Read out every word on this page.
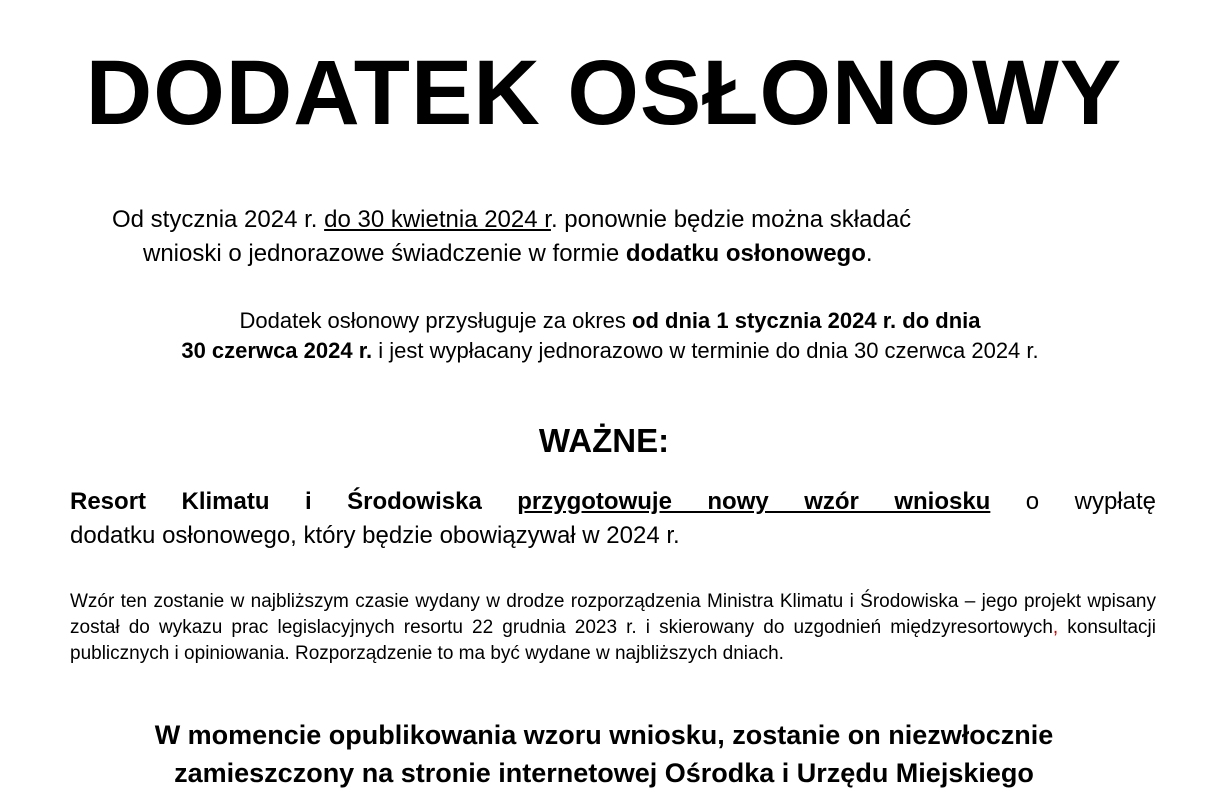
DODATEK OSŁONOWY
Od stycznia 2024 r. do 30 kwietnia 2024 r. ponownie będzie można składać
wnioski o jednorazowe świadczenie w formie dodatku osłonowego.
Dodatek osłonowy przysługuje za okres od dnia 1 stycznia 2024 r. do dnia
30 czerwca 2024 r. i jest wypłacany jednorazowo w terminie do dnia 30 czerwca 2024 r.
WAŻNE:
Resort Klimatu i Środowiska przygotowuje nowy wzór wniosku o wypłatę
dodatku osłonowego, który będzie obowiązywał w 2024 r.
Wzór ten zostanie w najbliższym czasie wydany w drodze rozporządzenia Ministra Klimatu i Środowiska – jego projekt wpisany został do wykazu prac legislacyjnych resortu 22 grudnia 2023 r. i skierowany do uzgodnień międzyresortowych, konsultacji publicznych i opiniowania. Rozporządzenie to ma być wydane w najbliższych dniach.
W momencie opublikowania wzoru wniosku, zostanie on niezwłocznie
zamieszczony na stronie internetowej Ośrodka i Urzędu Miejskiego
